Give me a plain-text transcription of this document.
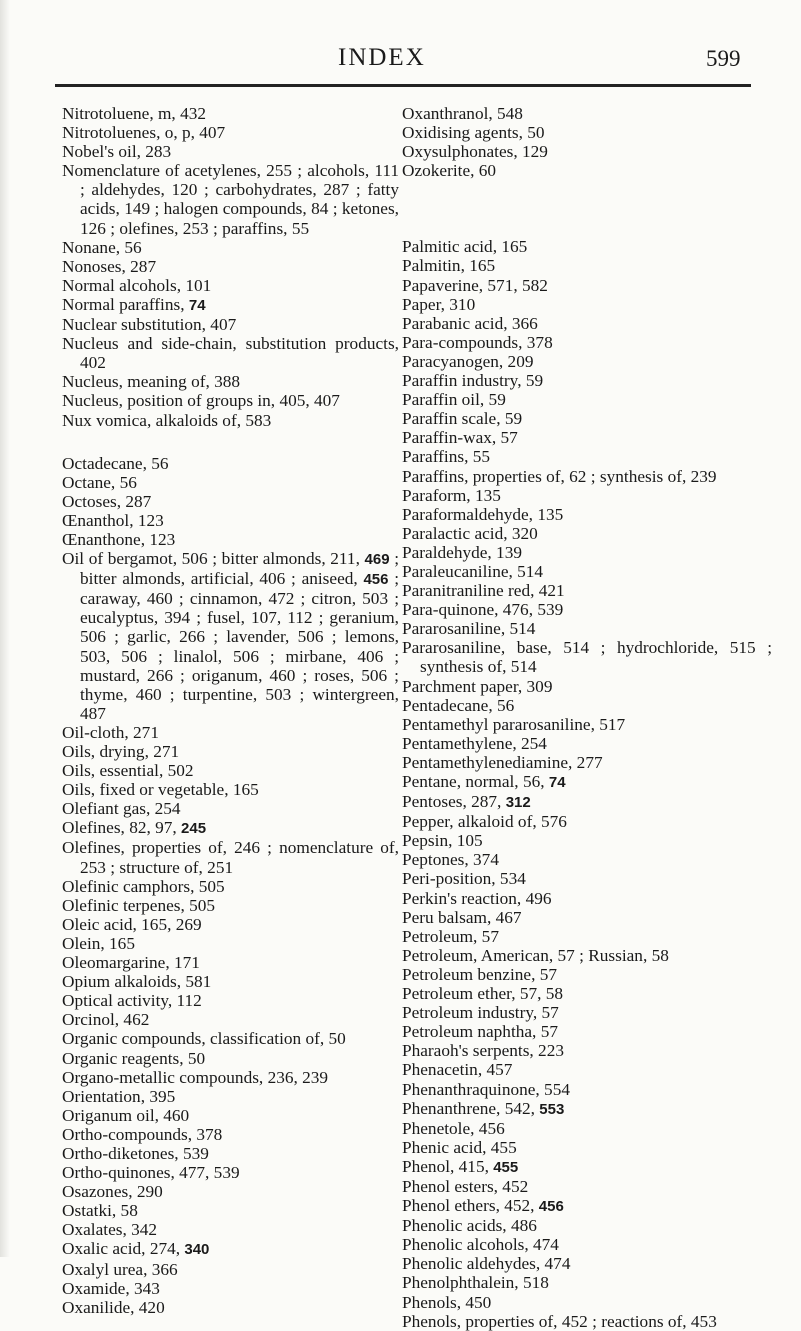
INDEX	599
Nitrotoluene, m, 432
Nitrotoluenes, o, p, 407
Nobel's oil, 283
Nomenclature of acetylenes, 255 ; alcohols, 111 ; aldehydes, 120 ; carbohydrates, 287 ; fatty acids, 149 ; halogen compounds, 84 ; ketones, 126 ; olefines, 253 ; paraffins, 55
Nonane, 56
Nonoses, 287
Normal alcohols, 101
Normal paraffins, 74
Nuclear substitution, 407
Nucleus and side-chain, substitution products, 402
Nucleus, meaning of, 388
Nucleus, position of groups in, 405, 407
Nux vomica, alkaloids of, 583
Octadecane, 56
Octane, 56
Octoses, 287
Œnanthol, 123
Œnanthone, 123
Oil of bergamot, 506 ; bitter almonds, 211, 469 ; bitter almonds, artificial, 406 ; aniseed, 456 ; caraway, 460 ; cinnamon, 472 ; citron, 503 ; eucalyptus, 394 ; fusel, 107, 112 ; geranium, 506 ; garlic, 266 ; lavender, 506 ; lemons, 503, 506 ; linalol, 506 ; mirbane, 406 ; mustard, 266 ; origanum, 460 ; roses, 506 ; thyme, 460 ; turpentine, 503 ; wintergreen, 487
Oil-cloth, 271
Oils, drying, 271
Oils, essential, 502
Oils, fixed or vegetable, 165
Olefiant gas, 254
Olefines, 82, 97, 245
Olefines, properties of, 246 ; nomenclature of, 253 ; structure of, 251
Olefinic camphors, 505
Olefinic terpenes, 505
Oleic acid, 165, 269
Olein, 165
Oleomargarine, 171
Opium alkaloids, 581
Optical activity, 112
Orcinol, 462
Organic compounds, classification of, 50
Organic reagents, 50
Organo-metallic compounds, 236, 239
Orientation, 395
Origanum oil, 460
Ortho-compounds, 378
Ortho-diketones, 539
Ortho-quinones, 477, 539
Osazones, 290
Ostatki, 58
Oxalates, 342
Oxalic acid, 274, 340
Oxalyl urea, 366
Oxamide, 343
Oxanilide, 420
Oxanthranol, 548
Oxidising agents, 50
Oxysulphonates, 129
Ozokerite, 60
Palmitic acid, 165
Palmitin, 165
Papaverine, 571, 582
Paper, 310
Parabanic acid, 366
Para-compounds, 378
Paracyanogen, 209
Paraffin industry, 59
Paraffin oil, 59
Paraffin scale, 59
Paraffin-wax, 57
Paraffins, 55
Paraffins, properties of, 62 ; synthesis of, 239
Paraform, 135
Paraformaldehyde, 135
Paralactic acid, 320
Paraldehyde, 139
Paraleucaniline, 514
Paranitraniline red, 421
Para-quinone, 476, 539
Pararosaniline, 514
Pararosaniline, base, 514 ; hydrochloride, 515 ; synthesis of, 514
Parchment paper, 309
Pentadecane, 56
Pentamethyl pararosaniline, 517
Pentamethylene, 254
Pentamethylenediamine, 277
Pentane, normal, 56, 74
Pentoses, 287, 312
Pepper, alkaloid of, 576
Pepsin, 105
Peptones, 374
Peri-position, 534
Perkin's reaction, 496
Peru balsam, 467
Petroleum, 57
Petroleum, American, 57 ; Russian, 58
Petroleum benzine, 57
Petroleum ether, 57, 58
Petroleum industry, 57
Petroleum naphtha, 57
Pharaoh's serpents, 223
Phenacetin, 457
Phenanthraquinone, 554
Phenanthrene, 542, 553
Phenetole, 456
Phenic acid, 455
Phenol, 415, 455
Phenol esters, 452
Phenol ethers, 452, 456
Phenolic acids, 486
Phenolic alcohols, 474
Phenolic aldehydes, 474
Phenolphthalein, 518
Phenols, 450
Phenols, properties of, 452 ; reactions of, 453
